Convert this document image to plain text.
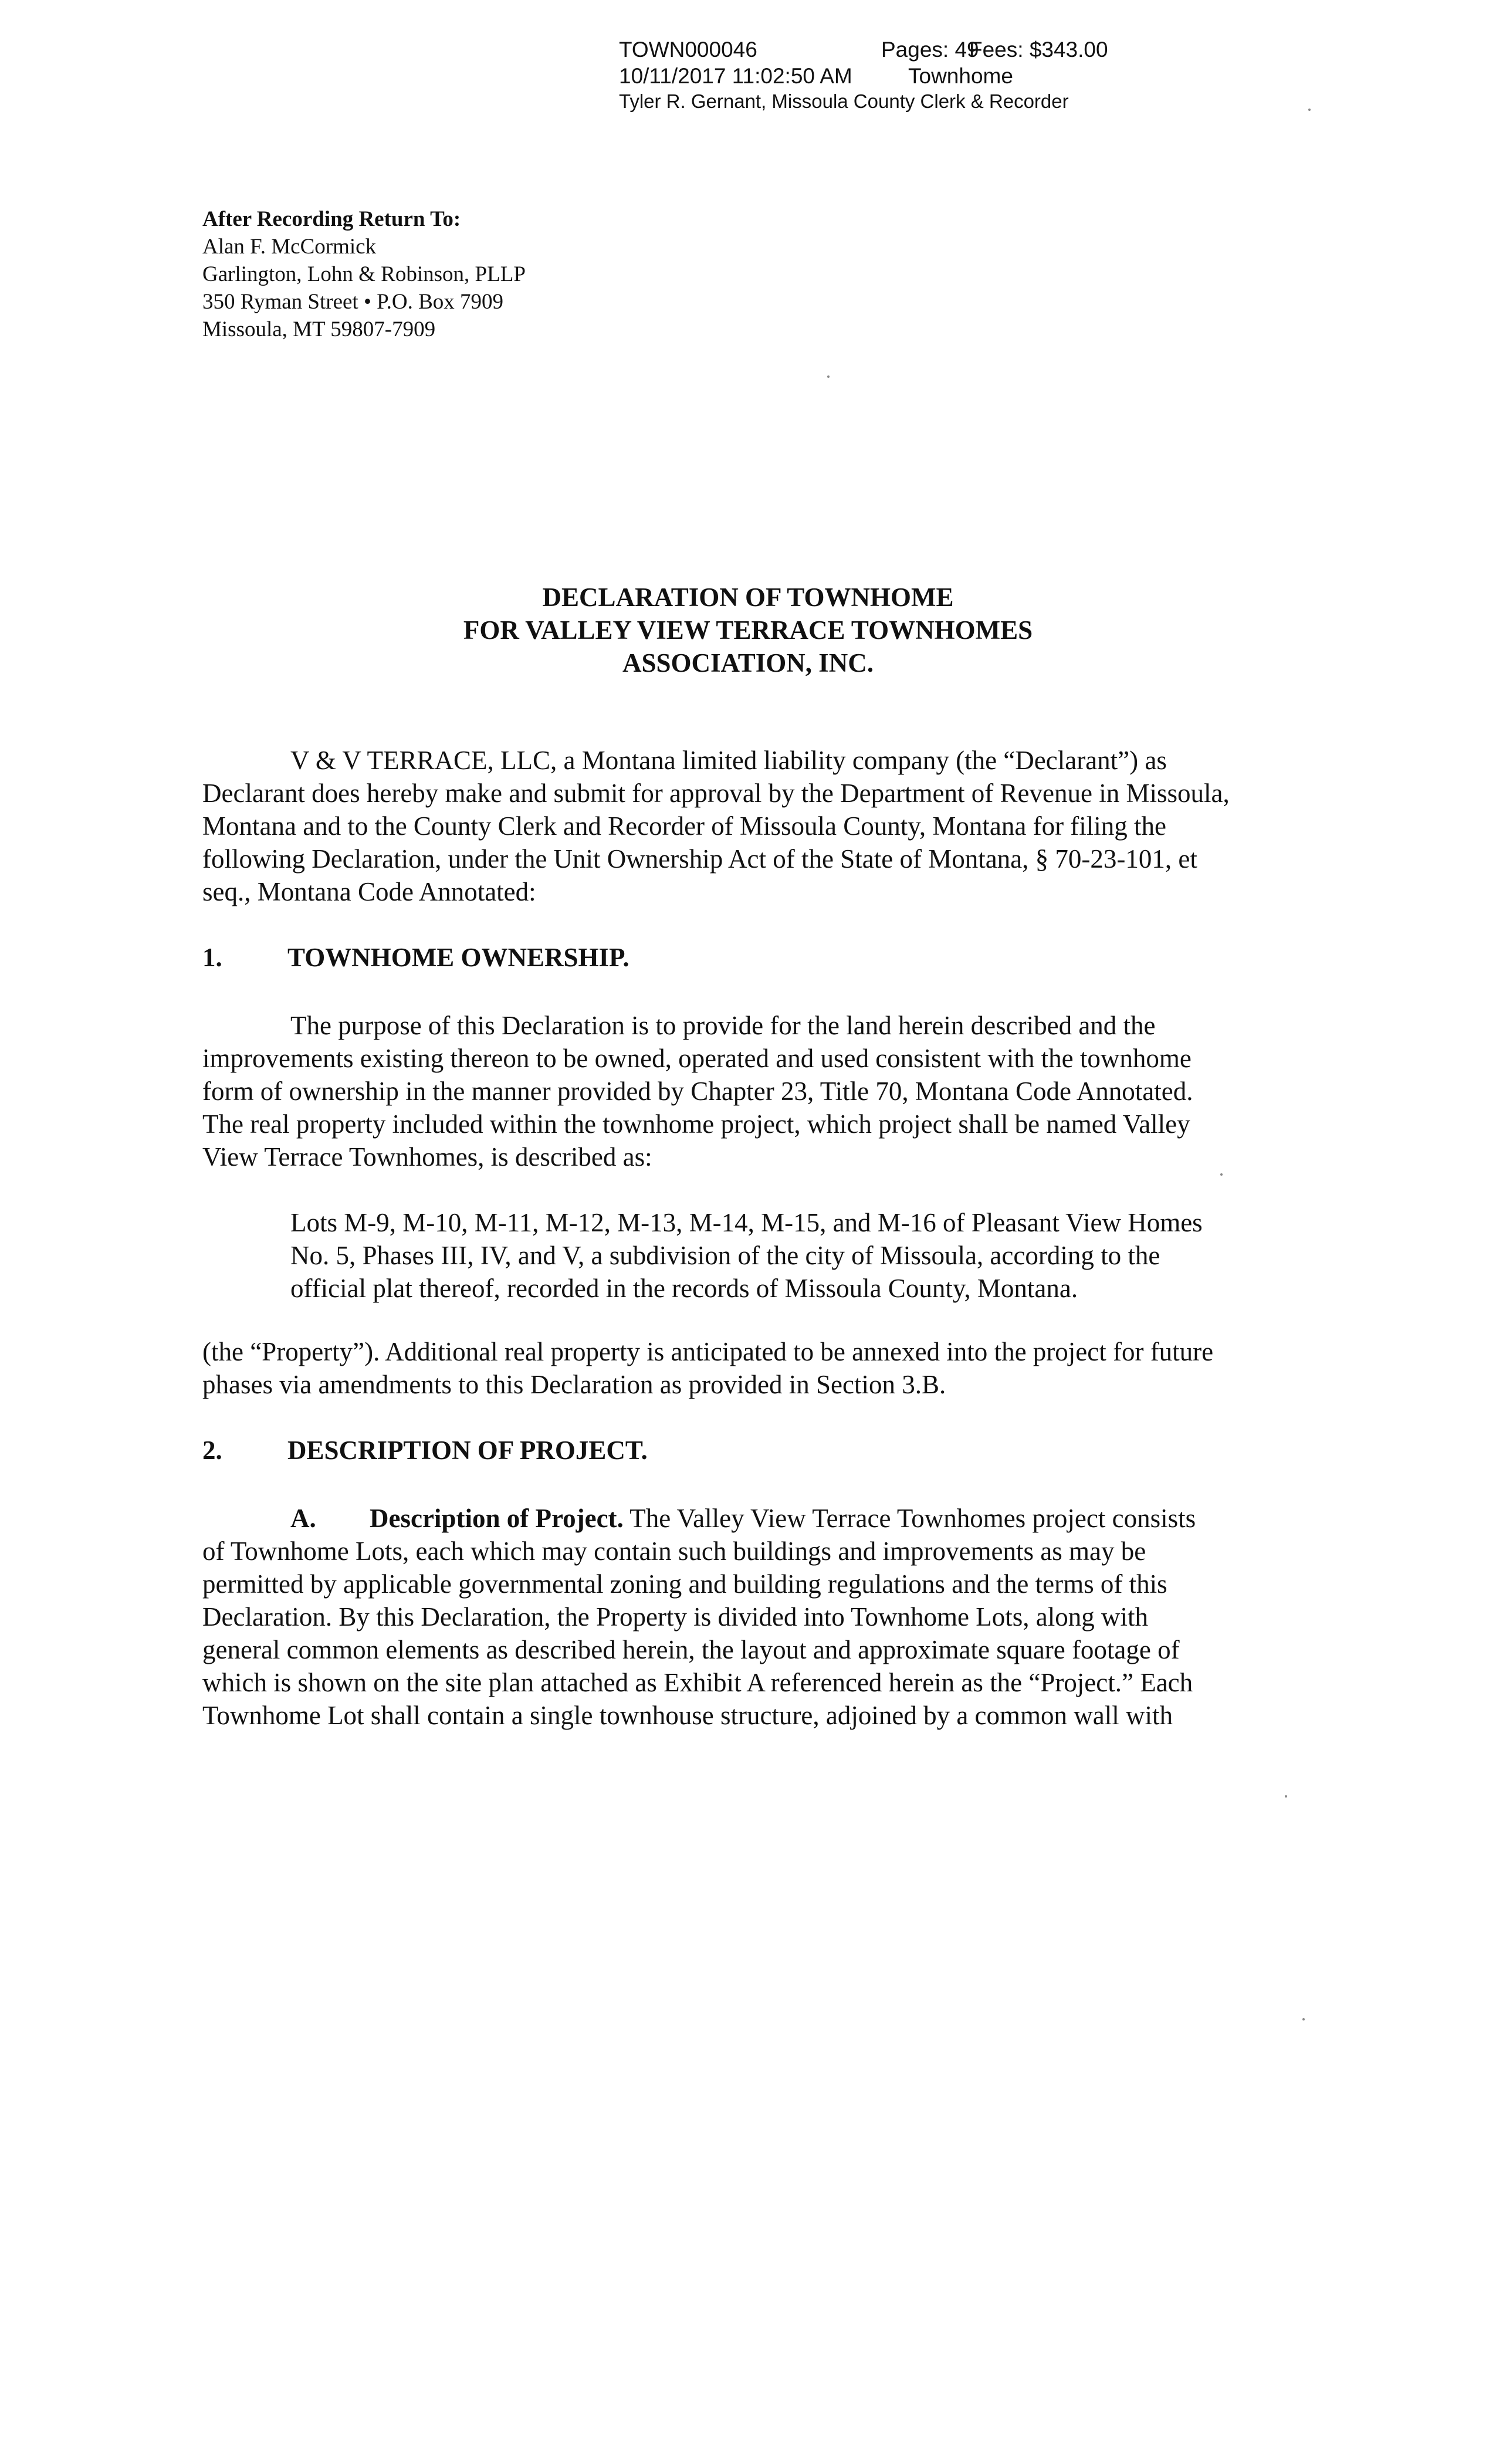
TOWN000046	Pages: 49
Fees: $343.00
10/11/2017 11:02:50 AM	Townhome
Tyler R. Gernant, Missoula County Clerk & Recorder
After Recording Return To:
Alan F. McCormick
Garlington, Lohn & Robinson, PLLP
350 Ryman Street • P.O. Box 7909
Missoula, MT 59807-7909
DECLARATION OF TOWNHOME
FOR VALLEY VIEW TERRACE TOWNHOMES
ASSOCIATION, INC.
V & V TERRACE, LLC, a Montana limited liability company (the “Declarant”) as
Declarant does hereby make and submit for approval by the Department of Revenue in Missoula,
Montana and to the County Clerk and Recorder of Missoula County, Montana for filing the
following Declaration, under the Unit Ownership Act of the State of Montana, § 70-23-101, et
seq., Montana Code Annotated:
1.	TOWNHOME OWNERSHIP.
The purpose of this Declaration is to provide for the land herein described and the
improvements existing thereon to be owned, operated and used consistent with the townhome
form of ownership in the manner provided by Chapter 23, Title 70, Montana Code Annotated.
The real property included within the townhome project, which project shall be named Valley
View Terrace Townhomes, is described as:
Lots M-9, M-10, M-11, M-12, M-13, M-14, M-15, and M-16 of Pleasant View Homes
No. 5, Phases III, IV, and V, a subdivision of the city of Missoula, according to the
official plat thereof, recorded in the records of Missoula County, Montana.
(the “Property”). Additional real property is anticipated to be annexed into the project for future
phases via amendments to this Declaration as provided in Section 3.B.
2.	DESCRIPTION OF PROJECT.
A. Description of Project. The Valley View Terrace Townhomes project consists
of Townhome Lots, each which may contain such buildings and improvements as may be
permitted by applicable governmental zoning and building regulations and the terms of this
Declaration. By this Declaration, the Property is divided into Townhome Lots, along with
general common elements as described herein, the layout and approximate square footage of
which is shown on the site plan attached as Exhibit A referenced herein as the “Project.” Each
Townhome Lot shall contain a single townhouse structure, adjoined by a common wall with
